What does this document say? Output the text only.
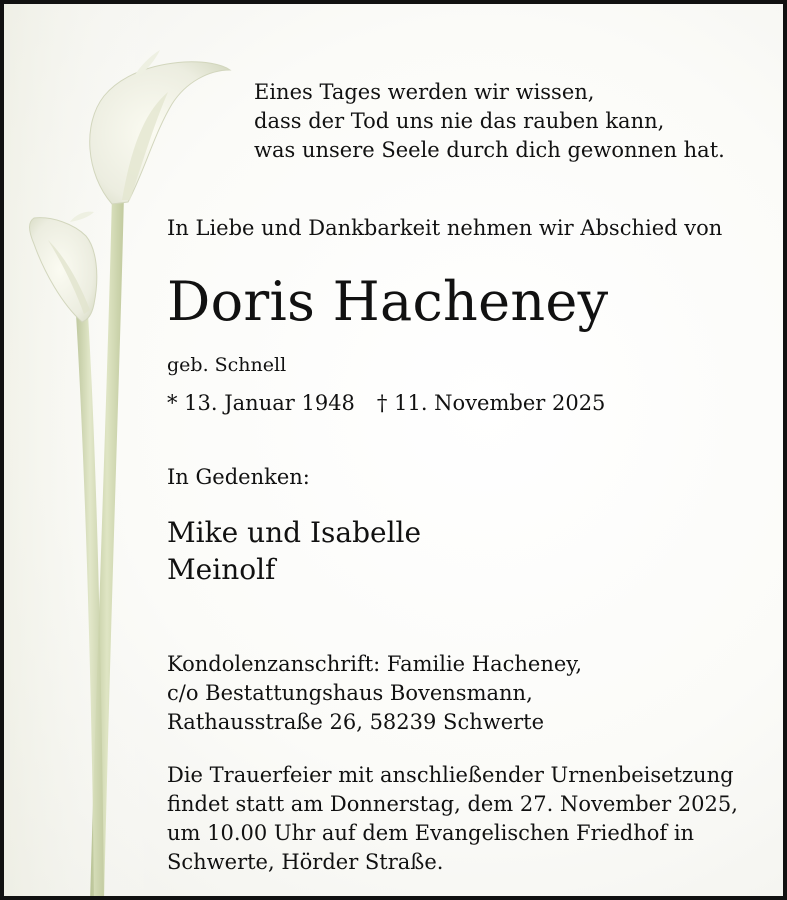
Eines Tages werden wir wissen,
dass der Tod uns nie das rauben kann,
was unsere Seele durch dich gewonnen hat.
In Liebe und Dankbarkeit nehmen wir Abschied von
Doris Hacheney
geb. Schnell
* 13. Januar 1948 † 11. November 2025
In Gedenken:
Mike und Isabelle
Meinolf
Kondolenzanschrift: Familie Hacheney,
c/o Bestattungshaus Bovensmann,
Rathausstraße 26, 58239 Schwerte
Die Trauerfeier mit anschließender Urnenbeisetzung
findet statt am Donnerstag, dem 27. November 2025,
um 10.00 Uhr auf dem Evangelischen Friedhof in
Schwerte, Hörder Straße.
